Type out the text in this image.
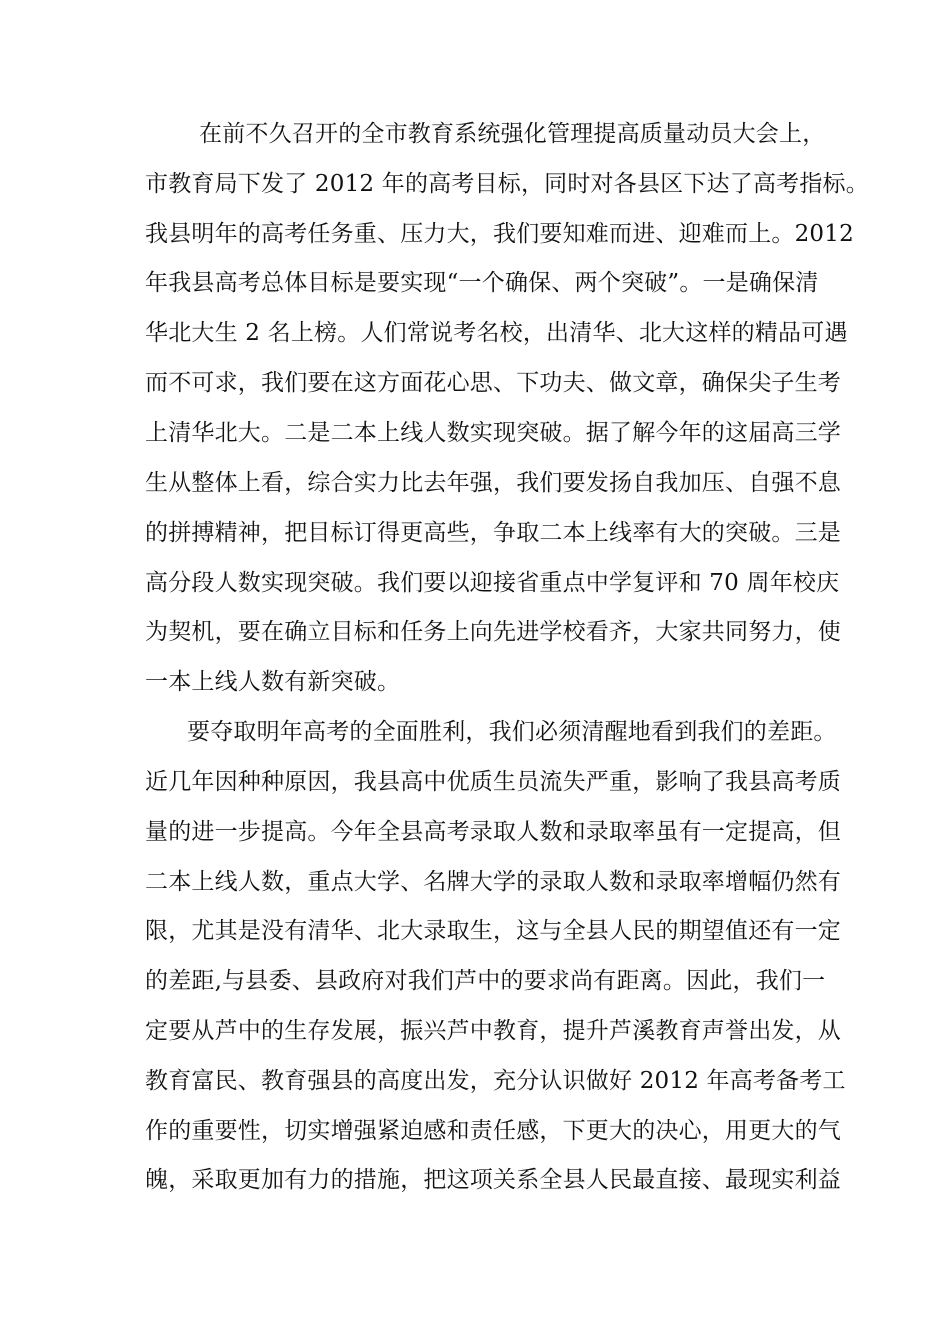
在前不久召开的全市教育系统强化管理提高质量动员大会上，
市教育局下发了 2012 年的高考目标，同时对各县区下达了高考指标。
我县明年的高考任务重、压力大，我们要知难而进、迎难而上。2012
年我县高考总体目标是要实现“一个确保、两个突破”。一是确保清
华北大生 2 名上榜。人们常说考名校，出清华、北大这样的精品可遇
而不可求，我们要在这方面花心思、下功夫、做文章，确保尖子生考
上清华北大。二是二本上线人数实现突破。据了解今年的这届高三学
生从整体上看，综合实力比去年强，我们要发扬自我加压、自强不息
的拼搏精神，把目标订得更高些，争取二本上线率有大的突破。三是
高分段人数实现突破。我们要以迎接省重点中学复评和 70 周年校庆
为契机，要在确立目标和任务上向先进学校看齐，大家共同努力，使
一本上线人数有新突破。
要夺取明年高考的全面胜利，我们必须清醒地看到我们的差距。
近几年因种种原因，我县高中优质生员流失严重，影响了我县高考质
量的进一步提高。今年全县高考录取人数和录取率虽有一定提高，但
二本上线人数，重点大学、名牌大学的录取人数和录取率增幅仍然有
限，尤其是没有清华、北大录取生，这与全县人民的期望值还有一定
的差距,与县委、县政府对我们芦中的要求尚有距离。因此，我们一
定要从芦中的生存发展，振兴芦中教育，提升芦溪教育声誉出发，从
教育富民、教育强县的高度出发，充分认识做好 2012 年高考备考工
作的重要性，切实增强紧迫感和责任感，下更大的决心，用更大的气
魄，采取更加有力的措施，把这项关系全县人民最直接、最现实利益
